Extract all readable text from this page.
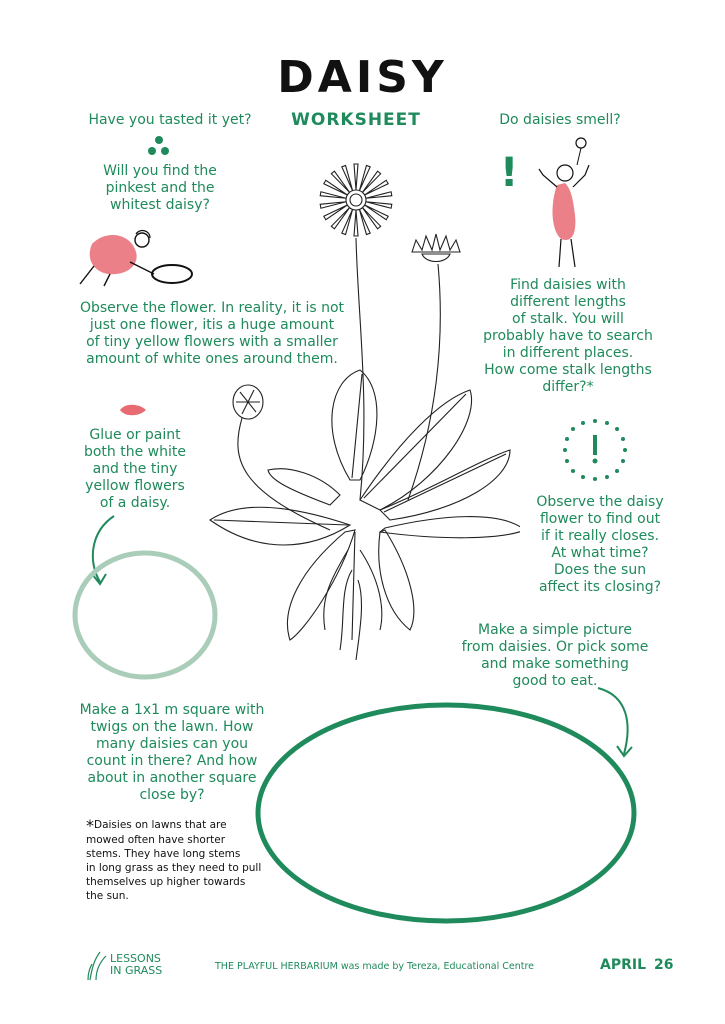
DAISY
WORKSHEET
Have you tasted it yet?
Will you find the
pinkest and the
whitest daisy?
Observe the flower. In reality, it is not
just one flower, itis a huge amount
of tiny yellow flowers with a smaller
amount of white ones around them.
Do daisies smell?
!
Find daisies with
different lengths
of stalk. You will
probably have to search
in different places.
How come stalk lengths
differ?*
Glue or paint
both the white
and the tiny
yellow flowers
of a daisy.	Observe the daisy
flower to find out
if it really closes.
At what time?
Does the sun
affect its closing?
Make a simple picture
from daisies. Or pick some
and make something
good to eat.
Make a 1x1 m square with
twigs on the lawn. How
many daisies can you
count in there? And how
about in another square
close by?
*Daisies on lawns that are
mowed often have shorter
stems. They have long stems
in long grass as they need to pull
themselves up higher towards
the sun.
LESSONS
IN GRASS	THE PLAYFUL HERBARIUM was made by Tereza, Educational Centre	APRIL 26
